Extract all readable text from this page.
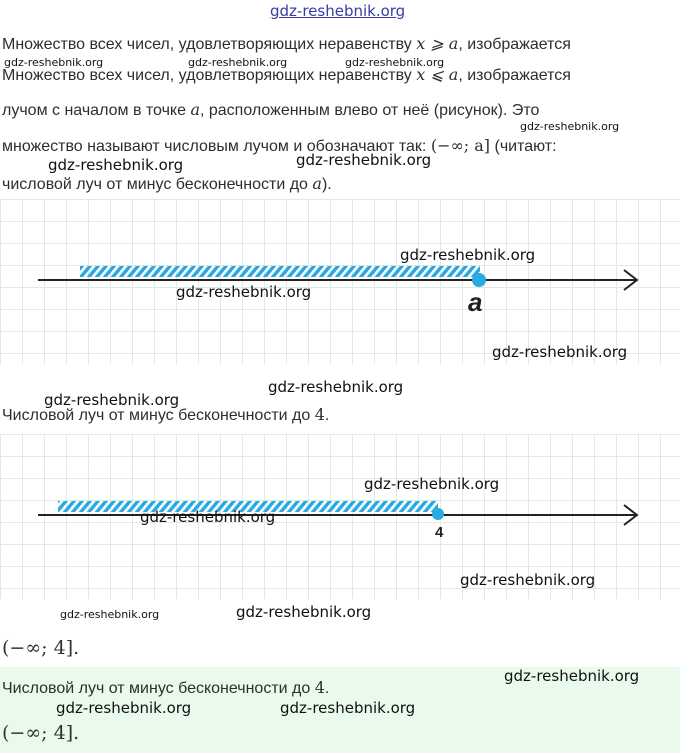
gdz-reshebnik.org
Множество всех чисел, удовлетворяющих неравенству x ⩾ a, изображается
gdz-reshebnik.org	gdz-reshebnik.org	gdz-reshebnik.org
Множество всех чисел, удовлетворяющих неравенству x ⩽ a, изображается
лучом с началом в точке a, расположенным влево от неё (рисунок). Это
gdz-reshebnik.org
множество называют числовым лучом и обозначают так: (−∞; a] (читают:
gdz-reshebnik.org	gdz-reshebnik.org
числовой луч от минус бесконечности до a).
a
gdz-reshebnik.org
gdz-reshebnik.org
gdz-reshebnik.org
gdz-reshebnik.org
gdz-reshebnik.org
Числовой луч от минус бесконечности до 4.
4
gdz-reshebnik.org
gdz-reshebnik.org
gdz-reshebnik.org
gdz-reshebnik.org	gdz-reshebnik.org
(−∞; 4].
gdz-reshebnik.org
Числовой луч от минус бесконечности до 4.
gdz-reshebnik.org	gdz-reshebnik.org
(−∞; 4].
